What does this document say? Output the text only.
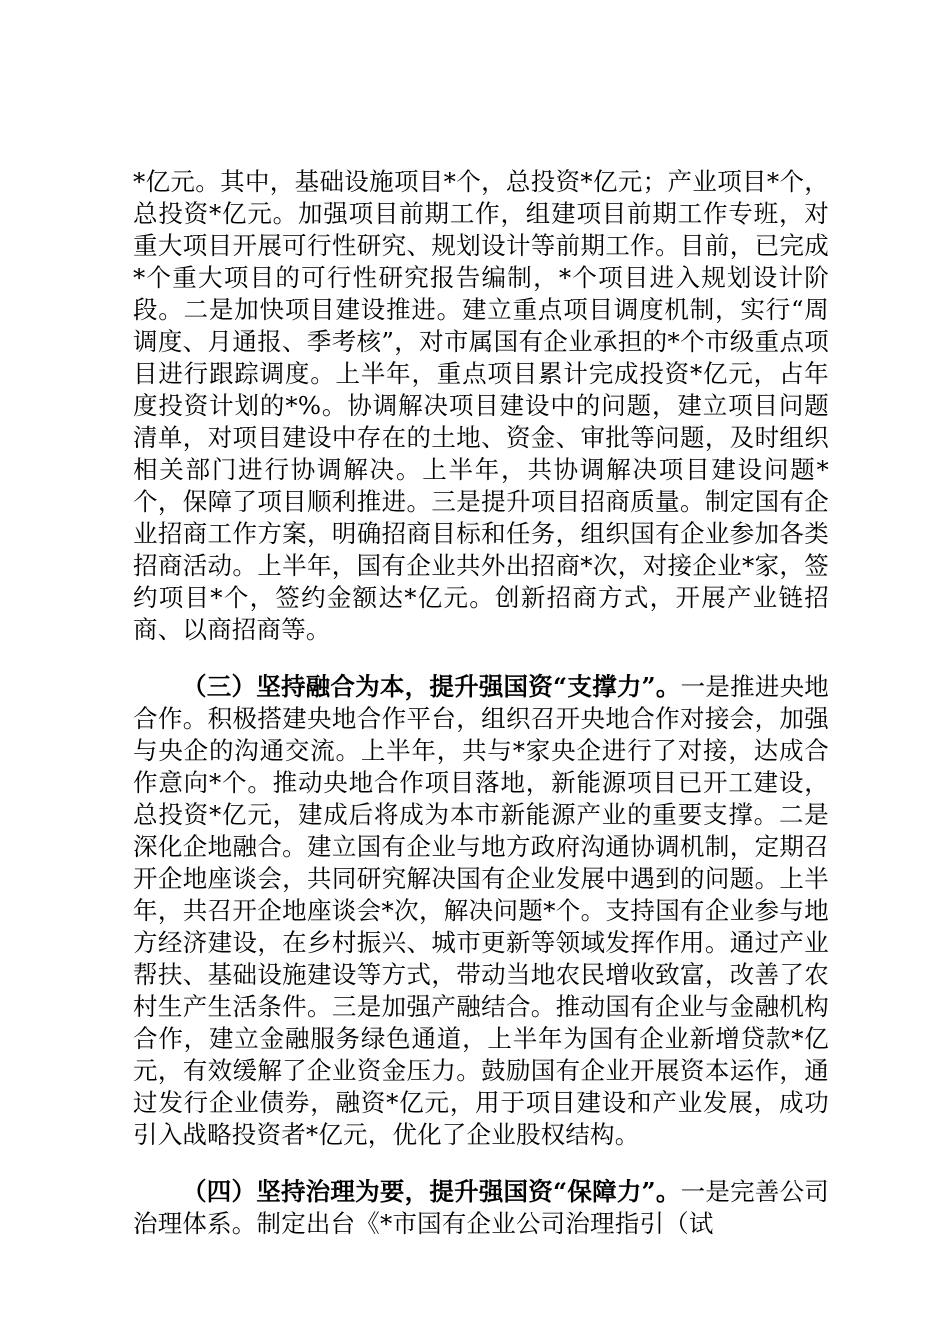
*亿元。其中，基础设施项目*个，总投资*亿元；产业项目*个，总投资*亿元。加强项目前期工作，组建项目前期工作专班，对重大项目开展可行性研究、规划设计等前期工作。目前，已完成*个重大项目的可行性研究报告编制，*个项目进入规划设计阶段。二是加快项目建设推进。建立重点项目调度机制，实行“周调度、月通报、季考核”，对市属国有企业承担的*个市级重点项目进行跟踪调度。上半年，重点项目累计完成投资*亿元，占年度投资计划的*%。协调解决项目建设中的问题，建立项目问题清单，对项目建设中存在的土地、资金、审批等问题，及时组织相关部门进行协调解决。上半年，共协调解决项目建设问题*个，保障了项目顺利推进。三是提升项目招商质量。制定国有企业招商工作方案，明确招商目标和任务，组织国有企业参加各类招商活动。上半年，国有企业共外出招商*次，对接企业*家，签约项目*个，签约金额达*亿元。创新招商方式，开展产业链招商、以商招商等。

（三）坚持融合为本，提升强国资“支撑力”。一是推进央地合作。积极搭建央地合作平台，组织召开央地合作对接会，加强与央企的沟通交流。上半年，共与*家央企进行了对接，达成合作意向*个。推动央地合作项目落地，新能源项目已开工建设，总投资*亿元，建成后将成为本市新能源产业的重要支撑。二是深化企地融合。建立国有企业与地方政府沟通协调机制，定期召开企地座谈会，共同研究解决国有企业发展中遇到的问题。上半年，共召开企地座谈会*次，解决问题*个。支持国有企业参与地方经济建设，在乡村振兴、城市更新等领域发挥作用。通过产业帮扶、基础设施建设等方式，带动当地农民增收致富，改善了农村生产生活条件。三是加强产融结合。推动国有企业与金融机构合作，建立金融服务绿色通道，上半年为国有企业新增贷款*亿元，有效缓解了企业资金压力。鼓励国有企业开展资本运作，通过发行企业债券，融资*亿元，用于项目建设和产业发展，成功引入战略投资者*亿元，优化了企业股权结构。

（四）坚持治理为要，提升强国资“保障力”。一是完善公司治理体系。制定出台《*市国有企业公司治理指引（试
